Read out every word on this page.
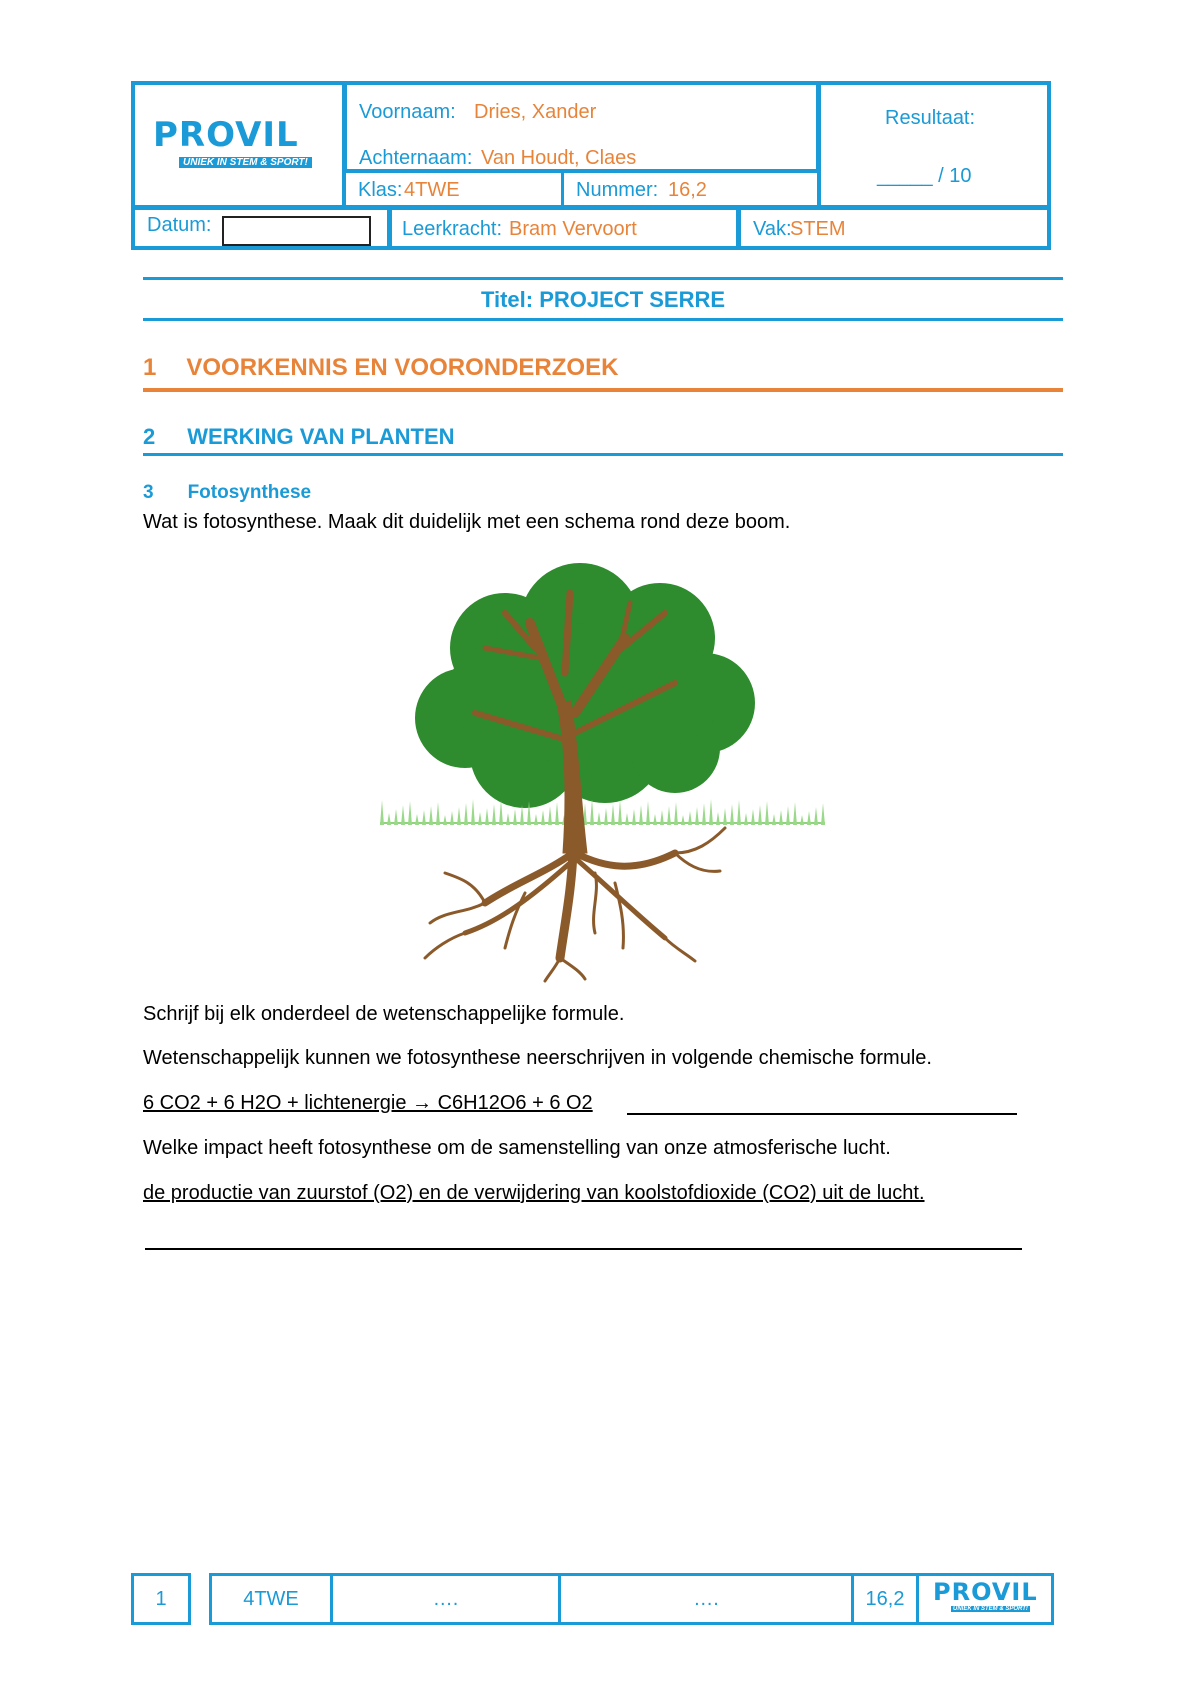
PROVIL
UNIEK IN STEM & SPORT!
Voornaam: Dries, Xander
Achternaam: Van Houdt, Claes
Klas: 4TWE	Nummer: 16,2
Resultaat:
_____ / 10
Datum:	Leerkracht: Bram Vervoort	Vak:
STEM
Titel: PROJECT SERRE
1 VOORKENNIS EN VOORONDERZOEK
2 WERKING VAN PLANTEN
3 Fotosynthese
Wat is fotosynthese. Maak dit duidelijk met een schema rond deze boom.
Schrijf bij elk onderdeel de wetenschappelijke formule.
Wetenschappelijk kunnen we fotosynthese neerschrijven in volgende chemische formule.
6 CO2 + 6 H2O + lichtenergie → C6H12O6 + 6 O2
Welke impact heeft fotosynthese om de samenstelling van onze atmosferische lucht.
de productie van zuurstof (O2) en de verwijdering van koolstofdioxide (CO2) uit de lucht.
1	4TWE	….	….	16,2 PROVIL
UNIEK IN STEM & SPORT!
